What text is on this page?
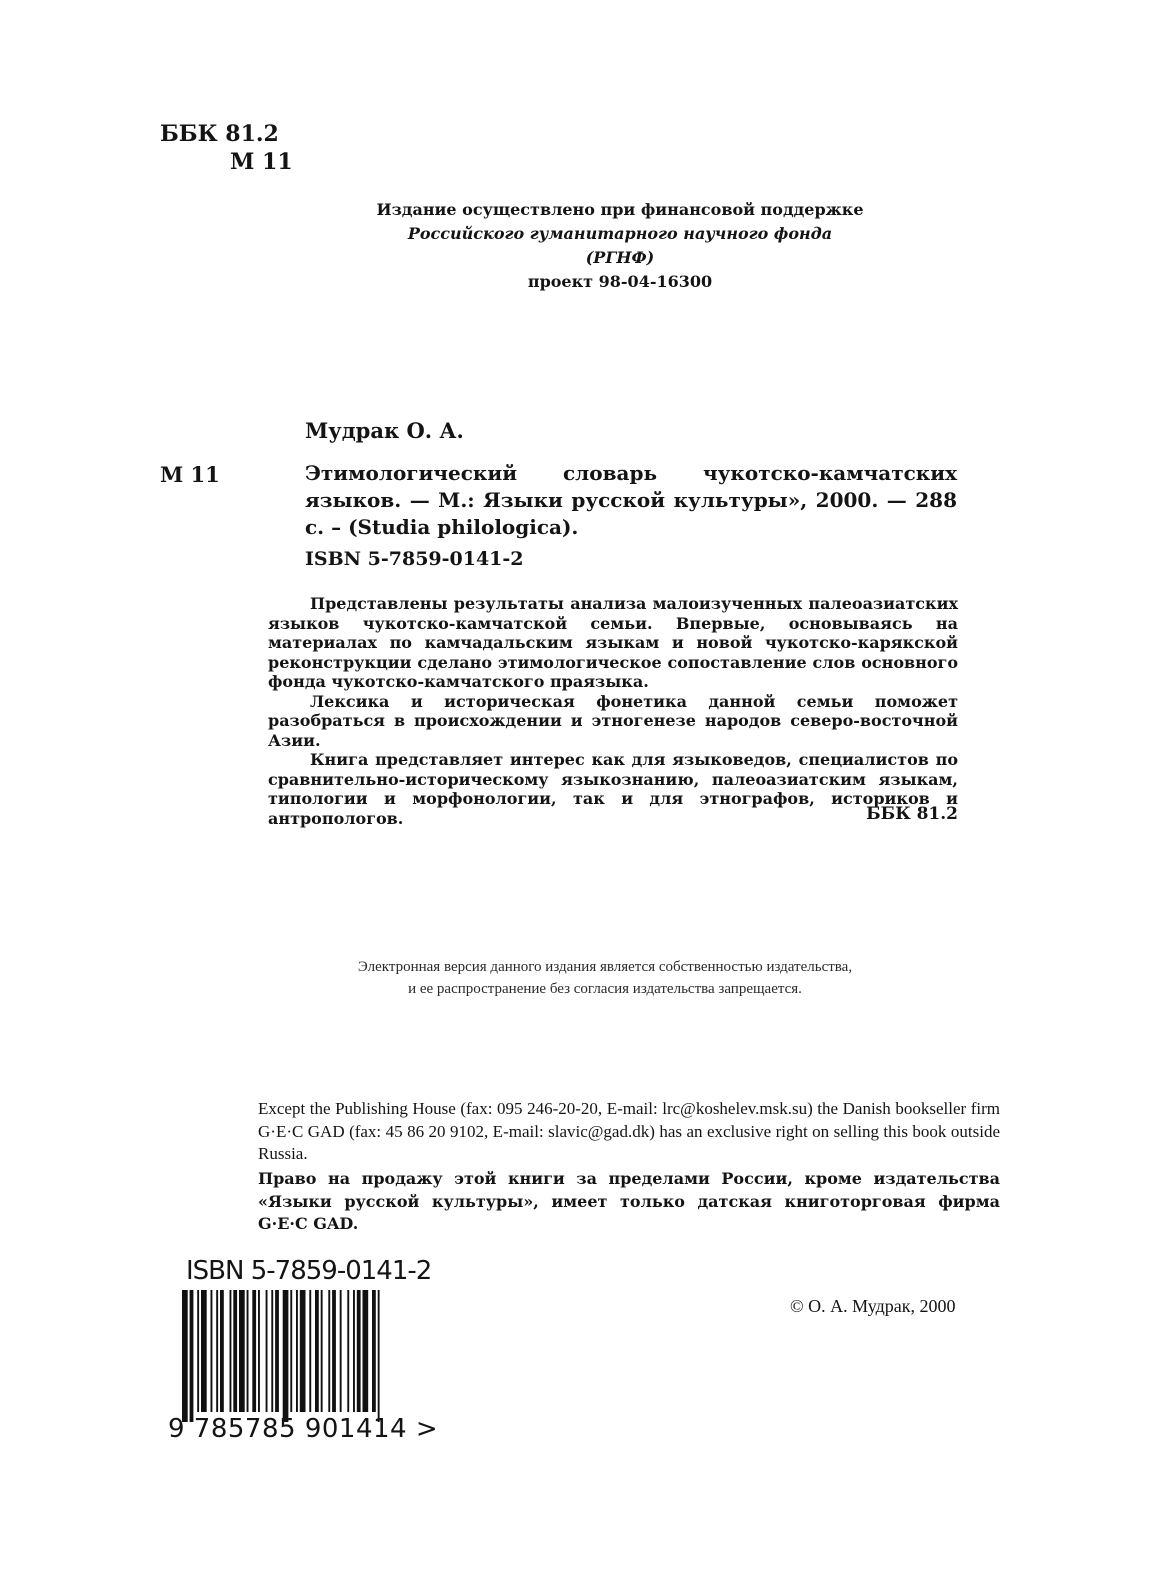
ББК 81.2
М 11
Издание осуществлено при финансовой поддержке
Российского гуманитарного научного фонда
(РГНФ)
проект 98-04-16300
Мудрак О. А.
М 11	Этимологический словарь чукотско-камчатских языков. — М.: Языки русской культуры», 2000. — 288 с. – (Studia philologica).
ISBN 5-7859-0141-2

Представлены результаты анализа малоизученных палеоазиатских языков чукотско-камчатской семьи. Впервые, основываясь на материалах по камчадальским языкам и новой чукотско-карякской реконструкции сделано этимологическое сопоставление слов основного фонда чукотско-камчатского праязыка.

Лексика и историческая фонетика данной семьи поможет разобраться в происхождении и этногенезе народов северо-восточной Азии.

Книга представляет интерес как для языковедов, специалистов по сравнительно-историческому языкознанию, палеоазиатским языкам, типологии и морфонологии, так и для этнографов, историков и антропологов.	ББК 81.2
Электронная версия данного издания является собственностью издательства,
и ее распространение без согласия издательства запрещается.
Except the Publishing House (fax: 095 246-20-20, E-mail: lrc@koshelev.msk.su) the Danish bookseller firm G·E·C GAD (fax: 45 86 20 9102, E-mail: slavic@gad.dk) has an exclusive right on selling this book outside Russia.

Право на продажу этой книги за пределами России, кроме издательства «Языки русской культуры», имеет только датская книготорговая фирма G·E·C GAD.

ISBN 5-7859-0141-2
9 785785 901414 >
© О. А. Мудрак, 2000
